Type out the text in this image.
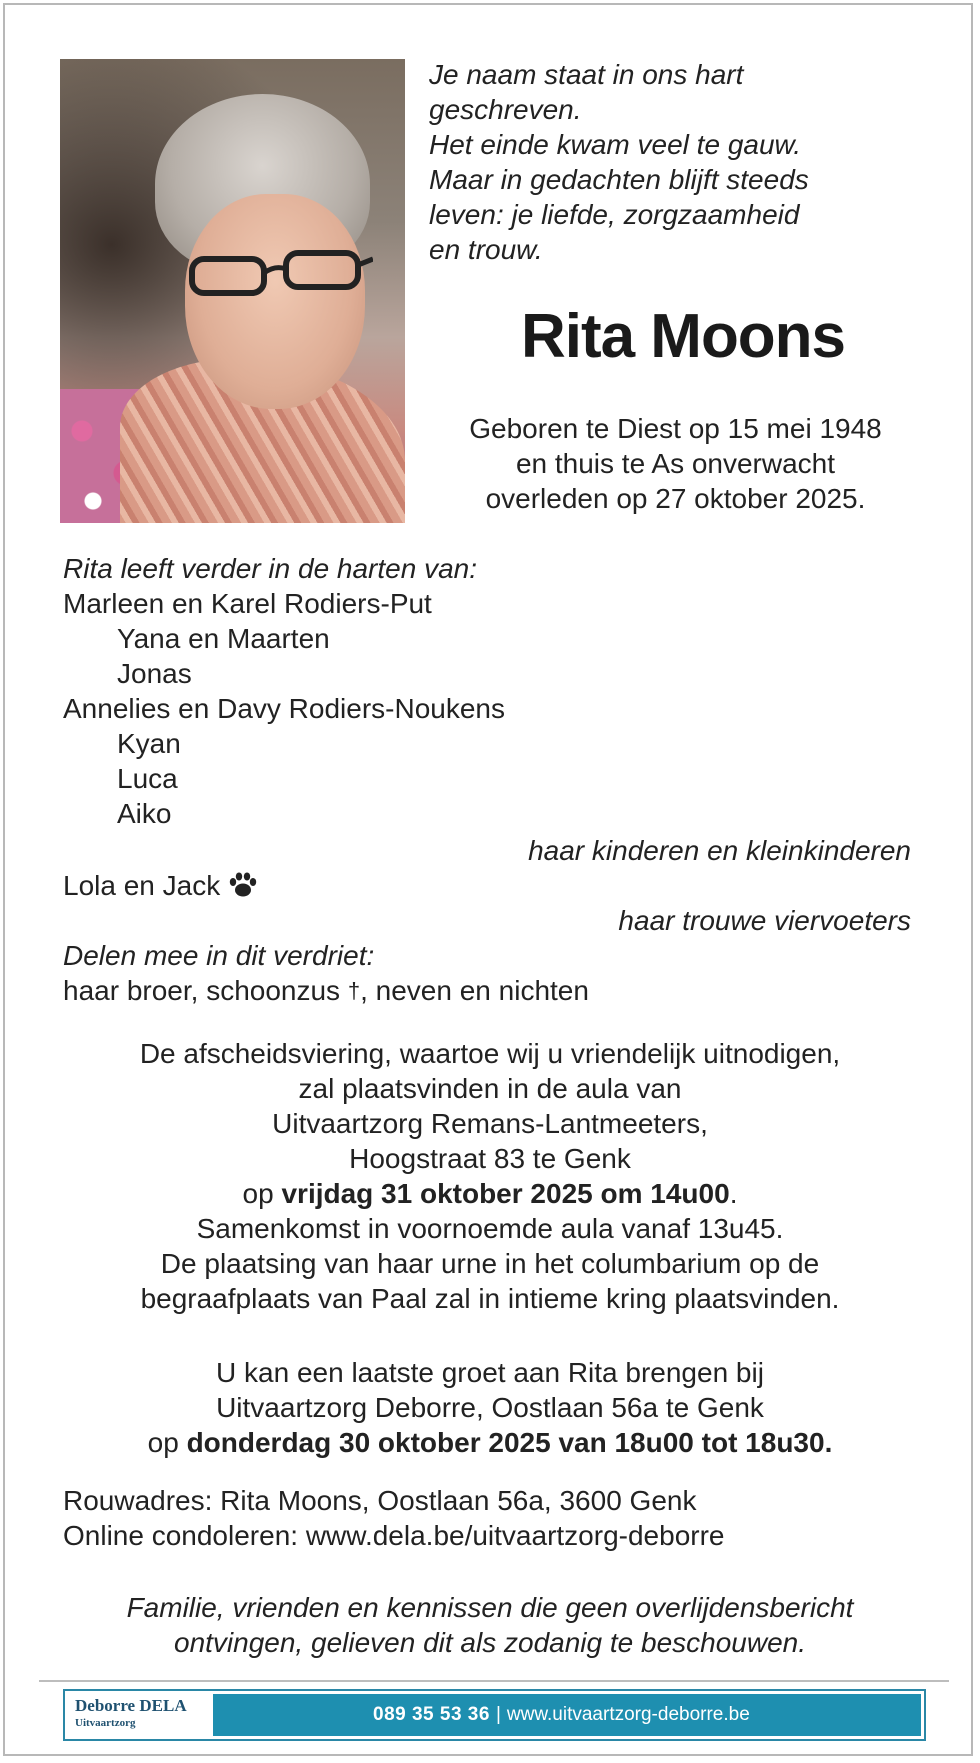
Je naam staat in ons hart
geschreven.
Het einde kwam veel te gauw.
Maar in gedachten blijft steeds
leven: je liefde, zorgzaamheid
en trouw.
Rita Moons
Geboren te Diest op 15 mei 1948
en thuis te As onverwacht
overleden op 27 oktober 2025.
Rita leeft verder in de harten van:
Marleen en Karel Rodiers-Put
Yana en Maarten
Jonas
Annelies en Davy Rodiers-Noukens
Kyan
Luca
Aiko
haar kinderen en kleinkinderen
Lola en Jack
haar trouwe viervoeters
Delen mee in dit verdriet:
haar broer, schoonzus †, neven en nichten
De afscheidsviering, waartoe wij u vriendelijk uitnodigen,
zal plaatsvinden in de aula van
Uitvaartzorg Remans-Lantmeeters,
Hoogstraat 83 te Genk
op vrijdag 31 oktober 2025 om 14u00.
Samenkomst in voornoemde aula vanaf 13u45.
De plaatsing van haar urne in het columbarium op de
begraafplaats van Paal zal in intieme kring plaatsvinden.
U kan een laatste groet aan Rita brengen bij
Uitvaartzorg Deborre, Oostlaan 56a te Genk
op donderdag 30 oktober 2025 van 18u00 tot 18u30.
Rouwadres: Rita Moons, Oostlaan 56a, 3600 Genk
Online condoleren: www.dela.be/uitvaartzorg-deborre
Familie, vrienden en kennissen die geen overlijdensbericht
ontvingen, gelieven dit als zodanig te beschouwen.
Deborre DELA
Uitvaartzorg	089 35 53 36 | www.uitvaartzorg-deborre.be
